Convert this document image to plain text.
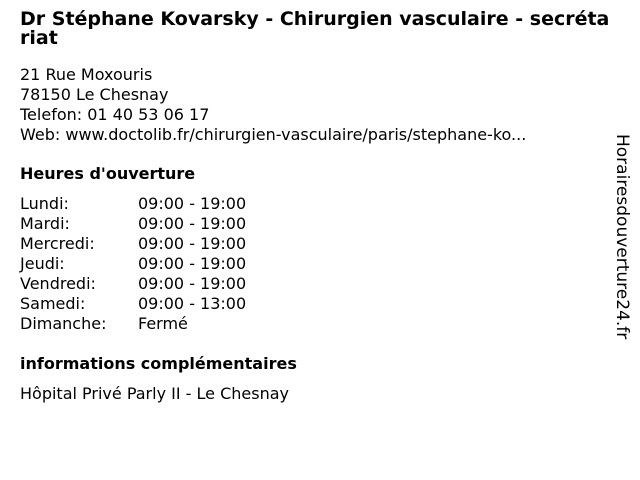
Dr Stéphane Kovarsky - Chirurgien vasculaire - secrétariat
21 Rue Moxouris
78150 Le Chesnay
Telefon: 01 40 53 06 17
Web: www.doctolib.fr/chirurgien-vasculaire/paris/stephane-ko...
Heures d'ouverture
Lundi:	09:00 - 19:00
Mardi:	09:00 - 19:00
Mercredi:	09:00 - 19:00
Jeudi:	09:00 - 19:00
Vendredi:	09:00 - 19:00
Samedi:	09:00 - 13:00
Dimanche:	Fermé
informations complémentaires
Hôpital Privé Parly II - Le Chesnay
Horairesdouverture24.fr
